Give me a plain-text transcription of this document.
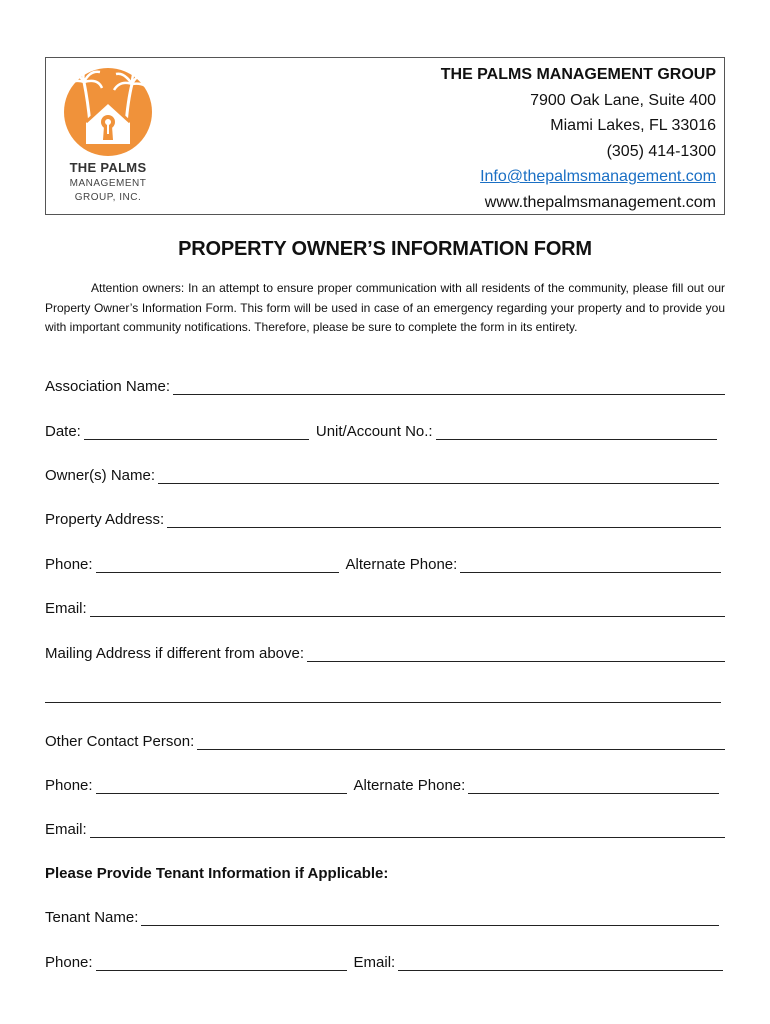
THE PALMS
MANAGEMENT
GROUP, INC.
THE PALMS MANAGEMENT GROUP
7900 Oak Lane, Suite 400
Miami Lakes, FL 33016
(305) 414-1300
Info@thepalmsmanagement.com
www.thepalmsmanagement.com
PROPERTY OWNER’S INFORMATION FORM
Attention owners: In an attempt to ensure proper communication with all residents of the community, please fill out our Property Owner’s Information Form. This form will be used in case of an emergency regarding your property and to provide you with important community notifications. Therefore, please be sure to complete the form in its entirety.
Association Name:
Date:	Unit/Account No.:
Owner(s) Name:
Property Address:
Phone:	Alternate Phone:
Email:
Mailing Address if different from above:
Other Contact Person:
Phone:	Alternate Phone:
Email:
Please Provide Tenant Information if Applicable:
Tenant Name:
Phone:	Email:
